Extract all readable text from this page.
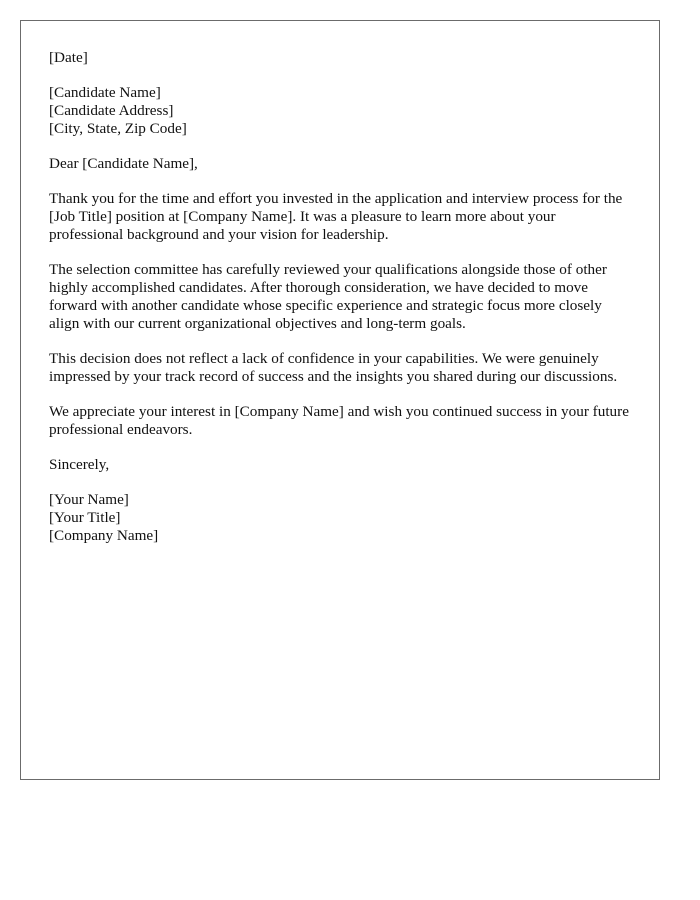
[Date]
[Candidate Name]
[Candidate Address]
[City, State, Zip Code]
Dear [Candidate Name],

Thank you for the time and effort you invested in the application and interview process for the [Job Title] position at [Company Name]. It was a pleasure to learn more about your professional background and your vision for leadership.

The selection committee has carefully reviewed your qualifications alongside those of other highly accomplished candidates. After thorough consideration, we have decided to move forward with another candidate whose specific experience and strategic focus more closely align with our current organizational objectives and long-term goals.

This decision does not reflect a lack of confidence in your capabilities. We were genuinely impressed by your track record of success and the insights you shared during our discussions.

We appreciate your interest in [Company Name] and wish you continued success in your future professional endeavors.

Sincerely,
[Your Name]
[Your Title]
[Company Name]
